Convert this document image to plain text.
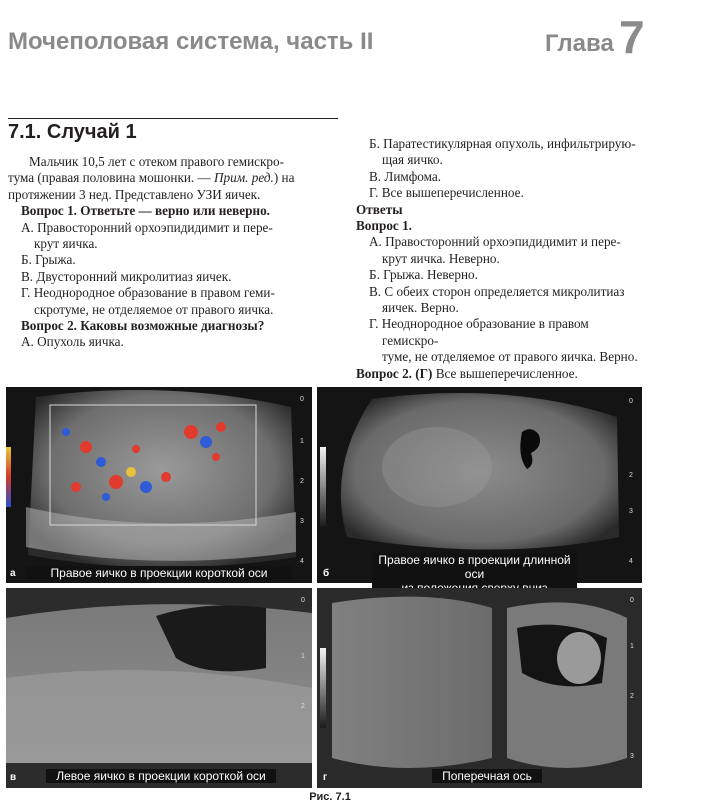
Мочеполовая система, часть II	Глава 7
7.1. Случай 1

Мальчик 10,5 лет с отеком правого гемискро-
тума (правая половина мошонки. — Прим. ред.) на
протяжении 3 нед. Представлено УЗИ яичек.

Вопрос 1. Ответьте — верно или неверно.

А. Правосторонний орхоэпидидимит и пере-
крут яичка.

Б. Грыжа.

В. Двусторонний микролитиаз яичек.

Г. Неоднородное образование в правом геми-
скротуме, не отделяемое от правого яичка.

Вопрос 2. Каковы возможные диагнозы?

А. Опухоль яичка.

Б. Паратестикулярная опухоль, инфильтрирую-
щая яичко.

В. Лимфома.

Г. Все вышеперечисленное.

Ответы

Вопрос 1.

А. Правосторонний орхоэпидидимит и пере-
крут яичка. Неверно.

Б. Грыжа. Неверно.

В. С обеих сторон определяется микролитиаз
яичек. Верно.

Г. Неоднородное образование в правом гемискро-
туме, не отделяемое от правого яичка. Верно.

Вопрос 2. (Г) Все вышеперечисленное.

0
1
2
3
4
а	Правое яичко в проекции короткой оси
0
2
3
4
б
Правое яичко в проекции длинной оси

0
1
2
в	Левое яичко в проекции короткой оси
0
1
2
3
г	Поперечная ось
Рис. 7.1
